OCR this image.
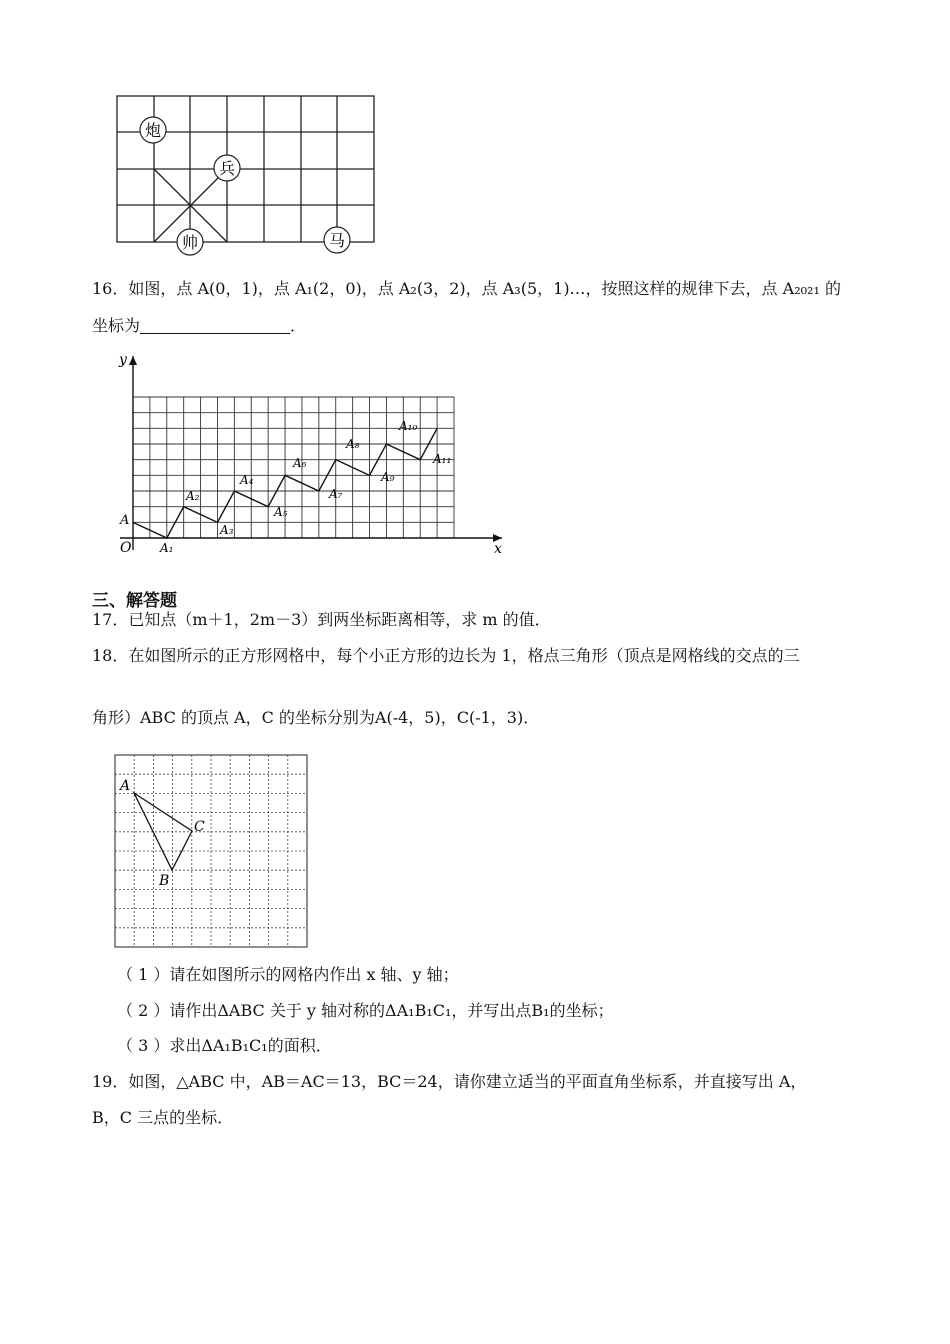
炮
兵
帅	马
16．如图，点 A(0，1)，点 A₁(2，0)，点 A₂(3，2)，点 A₃(5，1)…，按照这样的规律下去，点 A₂₀₂₁ 的
坐标为	．
x
y
O
A
A₁
A₂
A₃
A₄
A₅
A₆
A₇
A₈
A₉
A₁₀
A₁₁
三、解答题
17．已知点（m＋1，2m－3）到两坐标距离相等，求 m 的值．
18．在如图所示的正方形网格中，每个小正方形的边长为 1，格点三角形（顶点是网格线的交点的三
角形）ABC 的顶点 A，C 的坐标分别为A(-4，5)，C(-1，3)．
A
B
C
（ 1 ）请在如图所示的网格内作出 x 轴、y 轴；
（ 2 ）请作出ΔABC 关于 y 轴对称的ΔA₁B₁C₁，并写出点B₁的坐标；
（ 3 ）求出ΔA₁B₁C₁的面积．
19．如图，△ABC 中，AB＝AC＝13，BC＝24，请你建立适当的平面直角坐标系，并直接写出 A，
B，C 三点的坐标．
